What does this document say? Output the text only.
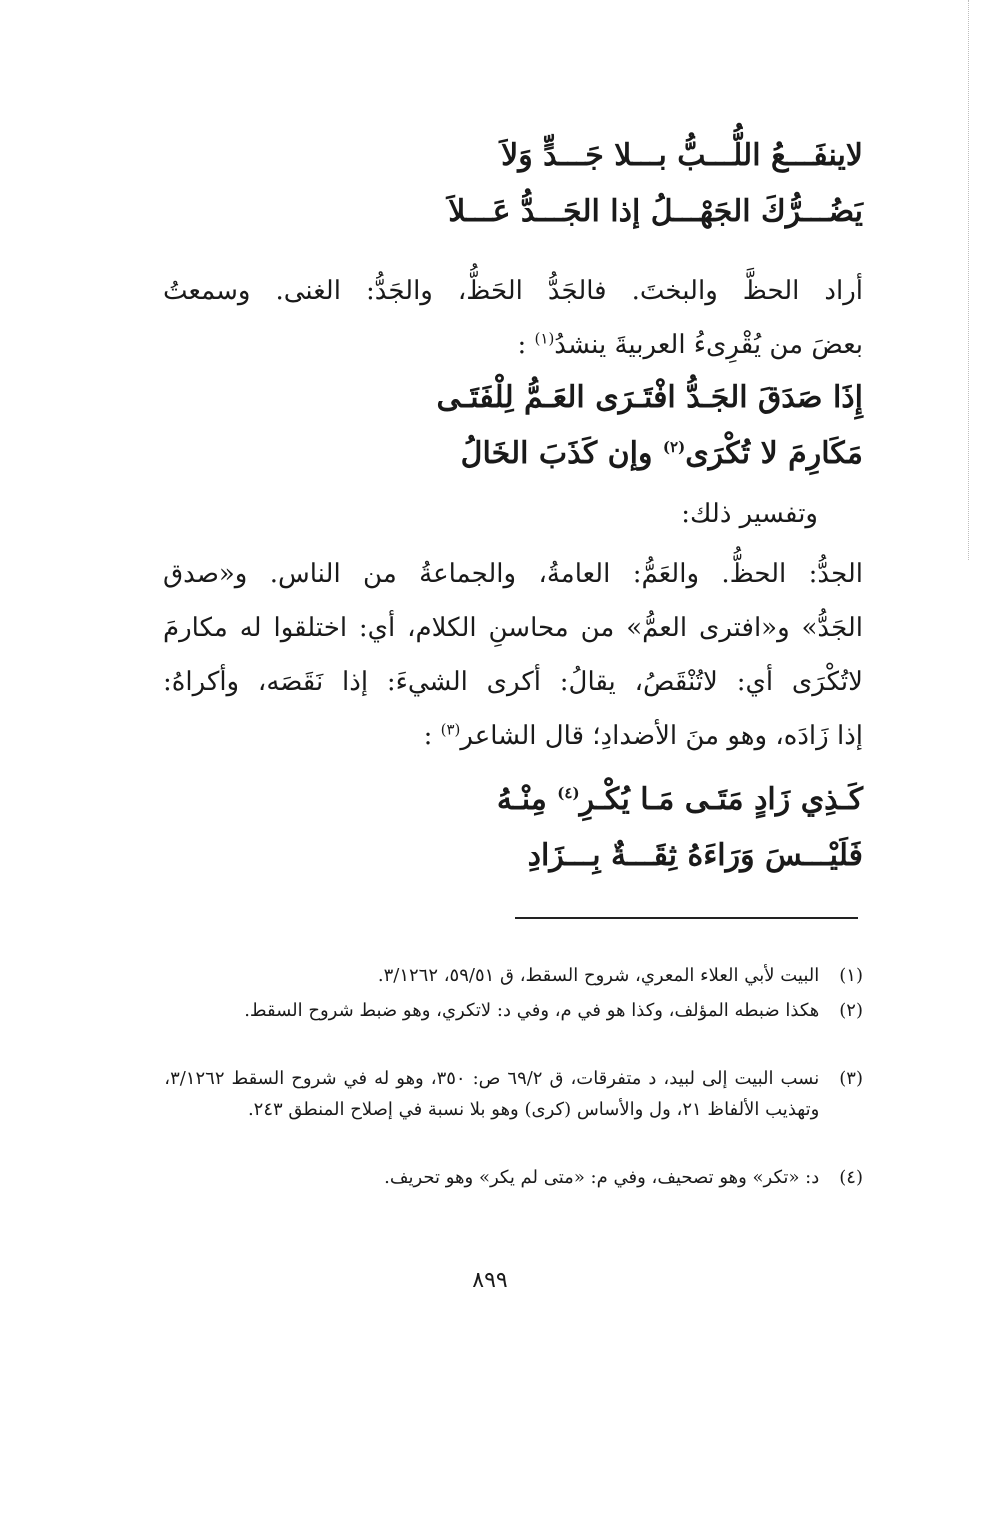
لاينفَـــعُ اللُّـــبُّ بـــلا جَـــدٍّ وَلاَ
يَضُـــرُّكَ الجَهْـــلُ إذا الجَـــدُّ عَـــلاَ
أراد الحظَّ والبختَ. فالجَدُّ الحَظُّ، والجَدُّ: الغنى. وسمعتُ
بعضَ من يُقْرِىءُ العربيةَ ينشدُ$^{(١)}$ :
إِذَا صَدَقَ الجَـدُّ افْتَـرَى العَـمُّ لِلْفَتَـى
مَكَارِمَ لا تُكْرَى$^{(٢)}$ وإن كَذَبَ الخَالُ
وتفسير ذلك:
الجدُّ: الحظُّ. والعَمُّ: العامةُ، والجماعةُ من الناس. و«صدق
الجَدُّ» و«افترى العمُّ» من محاسنِ الكلام، أي: اختلقوا له مكارمَ
لاتُكْرَى أي: لاتُنْقَصُ، يقالُ: أكرى الشيءَ: إذا نَقَصَه، وأكراهُ:
إذا زَادَه، وهو منَ الأضدادِ؛ قال الشاعر$^{(٣)}$ :
كَـذِي زَادٍ مَتَـى مَـا يُكْـرِ$^{(٤)}$ مِنْـهُ
فَلَيْـــسَ وَرَاءَهُ ثِقَـــةٌ بِـــزَادِ
(١) البيت لأبي العلاء المعري، شروح السقط، ق ٥٩/٥١، ٣/١٢٦٢.
(٢) هكذا ضبطه المؤلف، وكذا هو في م، وفي د: لاتكري، وهو ضبط شروح السقط.
(٣) نسب البيت إلى لبيد، د متفرقات، ق ٦٩/٢ ص: ٣٥٠، وهو له في شروح السقط ٣/١٢٦٢، وتهذيب الألفاظ ٢١، ول والأساس (كرى) وهو بلا نسبة في إصلاح المنطق ٢٤٣.
(٤) د: «تكر» وهو تصحيف، وفي م: «متى لم يكر» وهو تحريف.
٨٩٩
